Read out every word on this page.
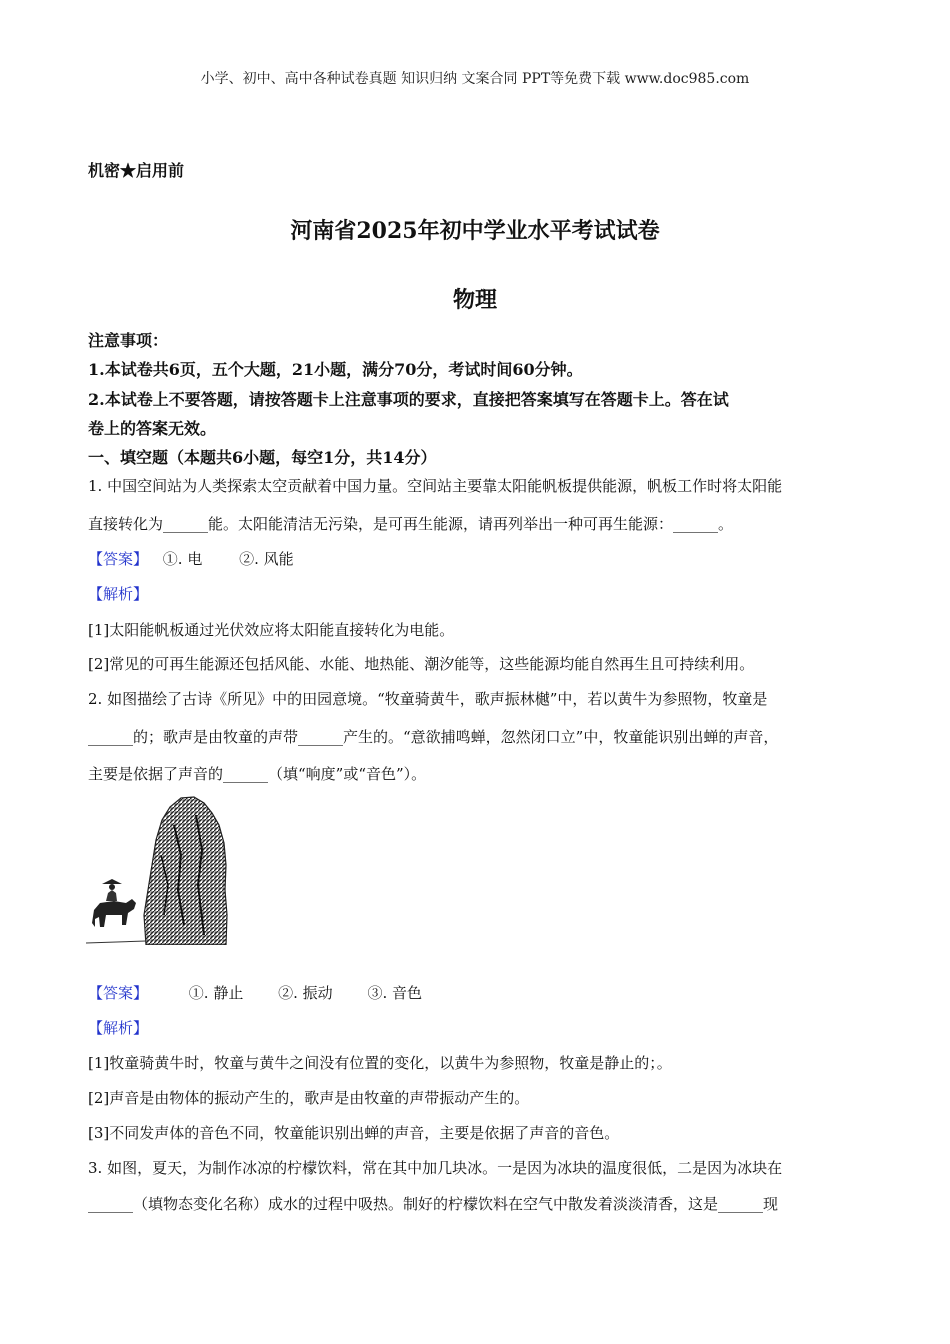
小学、初中、高中各种试卷真题 知识归纳 文案合同 PPT等免费下载 www.doc985.com
机密★启用前
河南省2025年初中学业水平考试试卷
物理
注意事项：
1.本试卷共6页，五个大题，21小题，满分70分，考试时间60分钟。
2.本试卷上不要答题，请按答题卡上注意事项的要求，直接把答案填写在答题卡上。答在试
卷上的答案无效。
一、填空题（本题共6小题，每空1分，共14分）
1. 中国空间站为人类探索太空贡献着中国力量。空间站主要靠太阳能帆板提供能源，帆板工作时将太阳能
直接转化为______能。太阳能清洁无污染，是可再生能源，请再列举出一种可再生能源：______。
【答案】 ①. 电 ②. 风能
【解析】
[1]太阳能帆板通过光伏效应将太阳能直接转化为电能。
[2]常见的可再生能源还包括风能、水能、地热能、潮汐能等，这些能源均能自然再生且可持续利用。
2. 如图描绘了古诗《所见》中的田园意境。“牧童骑黄牛，歌声振林樾”中，若以黄牛为参照物，牧童是
______的；歌声是由牧童的声带______产生的。“意欲捕鸣蝉，忽然闭口立”中，牧童能识别出蝉的声音，
主要是依据了声音的______（填“响度”或“音色”）。
【答案】	①. 静止 ②. 振动 ③. 音色
【解析】
[1]牧童骑黄牛时，牧童与黄牛之间没有位置的变化，以黄牛为参照物，牧童是静止的；。
[2]声音是由物体的振动产生的，歌声是由牧童的声带振动产生的。
[3]不同发声体的音色不同，牧童能识别出蝉的声音，主要是依据了声音的音色。
3. 如图，夏天，为制作冰凉的柠檬饮料，常在其中加几块冰。一是因为冰块的温度很低，二是因为冰块在
______（填物态变化名称）成水的过程中吸热。制好的柠檬饮料在空气中散发着淡淡清香，这是______现
